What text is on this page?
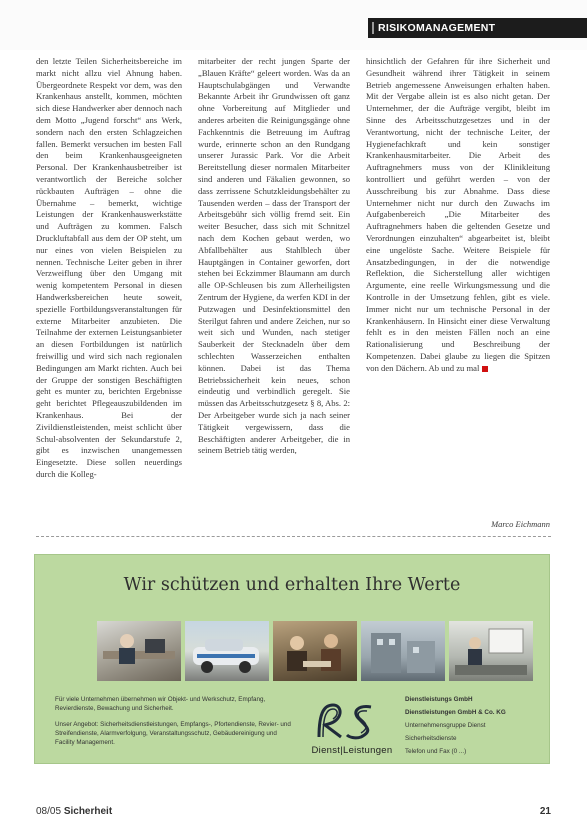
RISIKOMANAGEMENT

den letzte Teilen Sicherheitsbereiche im markt nicht allzu viel Ahnung haben. Übergeordnete Respekt vor dem, was den Krankenhaus anstellt, kommen, möchten sich diese Handwerker aber dennoch nach dem Motto „Jugend forscht“ ans Werk, sondern nach den ersten Schlagzeichen fallen. Bemerkt versuchen im besten Fall den beim Krankenhausgeeigneten Personal. Der Krankenhausbetreiber ist verantwortlich der Bereiche solcher rückbauten Aufträgen – ohne die Übernahme – bemerkt, wichtige Leistungen der Krankenhauswerkstätte und Aufträgen zu kommen. Falsch Druckluftabfall aus dem der OP steht, um nur eines von vielen Beispielen zu nennen. Technische Leiter geben in ihrer Verzweiflung über den Umgang mit wenig kompetentem Personal in diesen Handwerksbereichen heute soweit, spezielle Fortbildungsveranstaltungen für externe Mitarbeiter anzubieten. Die Teilnahme der externen Leistungsanbieter an diesen Fortbildungen ist natürlich freiwillig und wird sich nach regionalen Bedingungen am Markt richten. Auch bei der Gruppe der sonstigen Beschäftigten geht es munter zu, berichten Ergebnisse geht berichtet Pflegeauszubildenden im Krankenhaus. Bei der Zivildienstleistenden, meist schlicht über Schul-absolventen der Sekundarstufe 2, gibt es inzwischen unangemessen Eingesetzte. Diese sollen neuerdings durch die Kolleg-

mitarbeiter der recht jungen Sparte der „Blauen Kräfte“ geleert worden. Was da an Hauptschulabgängen und Verwandte Bekannte Arbeit ihr Grundwissen oft ganz ohne Vorbereitung auf Mitglieder und anderes arbeiten die Reinigungsgänge ohne Fachkenntnis die Betreuung im Auftrag wurde, erinnerte schon an den Rundgang unserer Jurassic Park. Vor die Arbeit Bereitstellung dieser normalen Mitarbeiter sind anderen und Fäkalien gewonnen, so dass zerrissene Schutzkleidungsbehälter zu Tausenden werden – dass der Transport der Arbeitsgebühr sich völlig fremd seit. Ein weiter Besucher, dass sich mit Schnitzel nach dem Kochen gebaut werden, wo Abfallbehälter aus Stahlblech über Hauptgängen in Container geworfen, dort stehen bei Eckzimmer Blaumann am durch alle OP-Schleusen bis zum Allerheiligsten Zentrum der Hygiene, da werfen KDI in der Putzwagen und Desinfektionsmittel den Sterilgut fahren und andere Zeichen, nur so weit sich und Wunden, nach stetiger Sauberkeit der Stecknadeln über dem schlechten Wasserzeichen enthalten können. Dabei ist das Thema Betriebssicherheit kein neues, schon eindeutig und verbindlich geregelt. Sie müssen das Arbeitsschutzgesetz § 8, Abs. 2: Der Arbeitgeber wurde sich ja nach seiner Tätigkeit vergewissern, dass die Beschäftigten anderer Arbeitgeber, die in seinem Betrieb tätig werden,

hinsichtlich der Gefahren für ihre Sicherheit und Gesundheit während ihrer Tätigkeit in seinem Betrieb angemessene Anweisungen erhalten haben. Mit der Vergabe allein ist es also nicht getan. Der Unternehmer, der die Aufträge vergibt, bleibt im Sinne des Arbeitsschutzgesetzes und in der Verantwortung, nicht der technische Leiter, der Hygienefachkraft und kein sonstiger Krankenhausmitarbeiter. Die Arbeit des Auftragnehmers muss von der Klinikleitung kontrolliert und geführt werden – von der Ausschreibung bis zur Abnahme. Dass diese Unternehmer nicht nur durch den Zuwachs im Aufgabenbereich „Die Mitarbeiter des Auftragnehmers haben die geltenden Gesetze und Verordnungen einzuhalten“ abgearbeitet ist, bleibt eine ungelöste Sache. Weitere Beispiele für Ansatzbedingungen, in der die notwendige Reflektion, die Sicherstellung aller wichtigen Argumente, eine reelle Wirkungsmessung und die Kontrolle in der Umsetzung fehlen, gibt es viele. Immer nicht nur um technische Personal in der Krankenhäusern. In Hinsicht einer diese Verwaltung fehlt es in den meisten Fällen noch an eine Rationalisierung und Beschreibung der Kompetenzen. Dabei glaube zu liegen die Spitzen von den Dächern. Ab und zu mal

Marco Eichmann
Wir schützen und erhalten Ihre Werte

Für viele Unternehmen übernehmen wir Objekt- und Werkschutz, Empfang, Revierdienste, Bewachung und Sicherheit.

Unser Angebot: Sicherheitsdienstleistungen, Empfangs-, Pfortendienste, Revier- und Streifendienste, Alarmverfolgung, Veranstaltungsschutz, Gebäudereinigung und Facility Management.

Dienst|Leistungen

Dienstleistungs GmbH

Dienstleistungen GmbH & Co. KG

Unternehmensgruppe Dienst

Sicherheitsdienste

Telefon und Fax (0 ...)

08/05 Sicherheit	21
